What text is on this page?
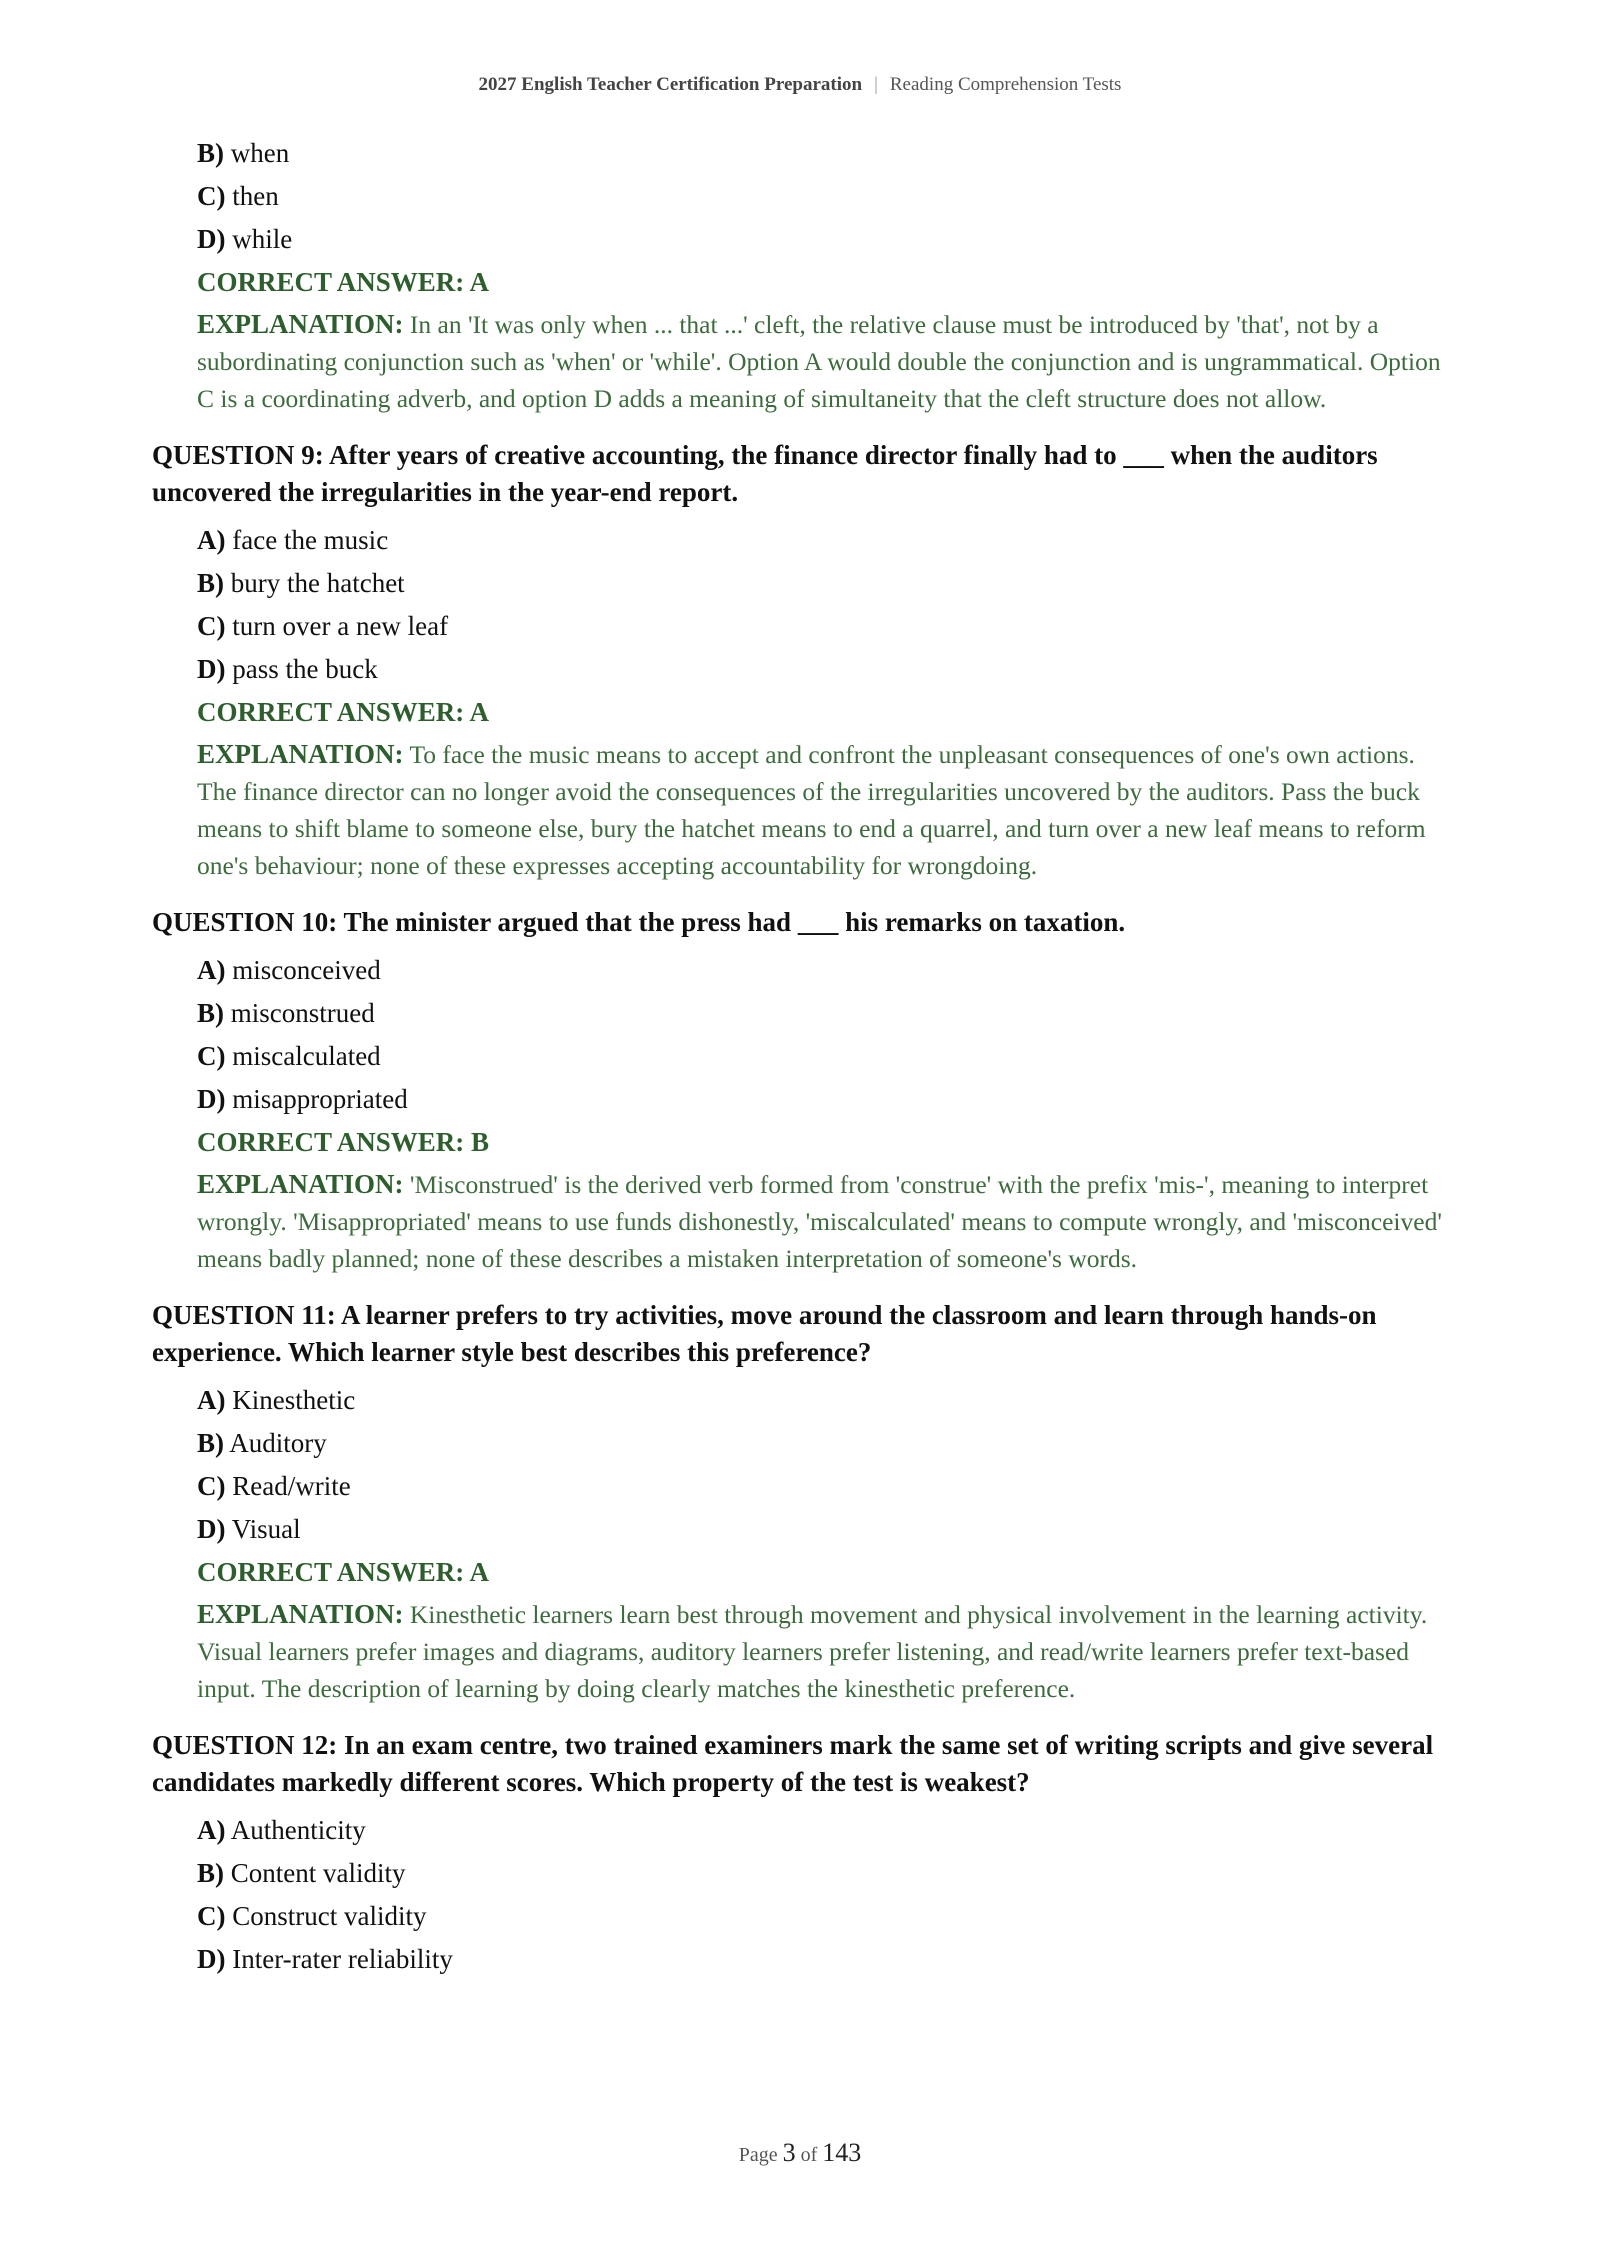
2027 English Teacher Certification Preparation | Reading Comprehension Tests
B) when
C) then
D) while
CORRECT ANSWER: A
EXPLANATION: In an 'It was only when ... that ...' cleft, the relative clause must be introduced by 'that', not by a subordinating conjunction such as 'when' or 'while'. Option A would double the conjunction and is ungrammatical. Option C is a coordinating adverb, and option D adds a meaning of simultaneity that the cleft structure does not allow.
QUESTION 9: After years of creative accounting, the finance director finally had to ___ when the auditors uncovered the irregularities in the year-end report.
A) face the music
B) bury the hatchet
C) turn over a new leaf
D) pass the buck
CORRECT ANSWER: A
EXPLANATION: To face the music means to accept and confront the unpleasant consequences of one's own actions. The finance director can no longer avoid the consequences of the irregularities uncovered by the auditors. Pass the buck means to shift blame to someone else, bury the hatchet means to end a quarrel, and turn over a new leaf means to reform one's behaviour; none of these expresses accepting accountability for wrongdoing.
QUESTION 10: The minister argued that the press had ___ his remarks on taxation.
A) misconceived
B) misconstrued
C) miscalculated
D) misappropriated
CORRECT ANSWER: B
EXPLANATION: 'Misconstrued' is the derived verb formed from 'construe' with the prefix 'mis-', meaning to interpret wrongly. 'Misappropriated' means to use funds dishonestly, 'miscalculated' means to compute wrongly, and 'misconceived' means badly planned; none of these describes a mistaken interpretation of someone's words.
QUESTION 11: A learner prefers to try activities, move around the classroom and learn through hands-on experience. Which learner style best describes this preference?
A) Kinesthetic
B) Auditory
C) Read/write
D) Visual
CORRECT ANSWER: A
EXPLANATION: Kinesthetic learners learn best through movement and physical involvement in the learning activity. Visual learners prefer images and diagrams, auditory learners prefer listening, and read/write learners prefer text-based input. The description of learning by doing clearly matches the kinesthetic preference.
QUESTION 12: In an exam centre, two trained examiners mark the same set of writing scripts and give several candidates markedly different scores. Which property of the test is weakest?
A) Authenticity
B) Content validity
C) Construct validity
D) Inter-rater reliability
Page 3 of 143
